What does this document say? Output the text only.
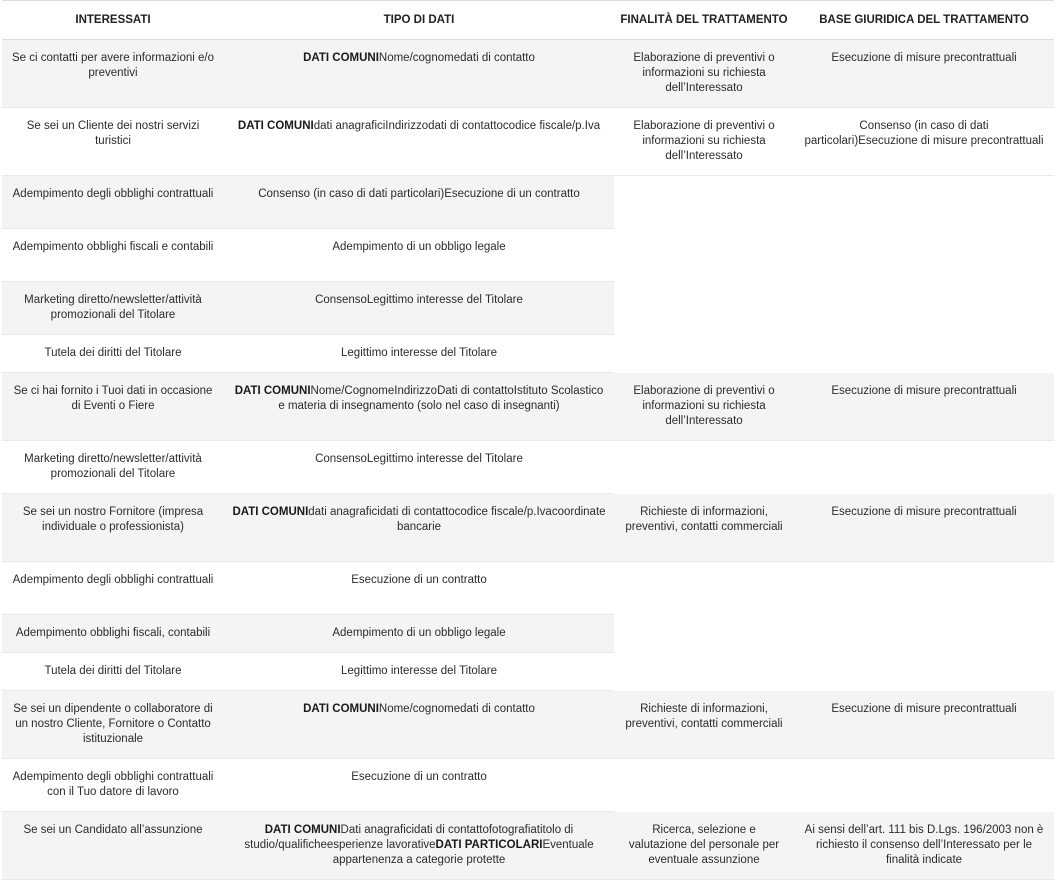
INTERESSATI	TIPO DI DATI	FINALITÀ DEL TRATTAMENTO	BASE GIURIDICA DEL TRATTAMENTO
Se ci contatti per avere informazioni e/o preventivi	DATI COMUNINome/cognomedati di contatto	Elaborazione di preventivi o informazioni su richiesta dell’Interessato	Esecuzione di misure precontrattuali
Se sei un Cliente dei nostri servizi turistici	DATI COMUNIdati anagraficiIndirizzodati di contattocodice fiscale/p.Iva	Elaborazione di preventivi o informazioni su richiesta dell’Interessato	Consenso (in caso di dati particolari)Esecuzione di misure precontrattuali
Adempimento degli obblighi contrattuali	Consenso (in caso di dati particolari)Esecuzione di un contratto		
Adempimento obblighi fiscali e contabili	Adempimento di un obbligo legale		
Marketing diretto/newsletter/attività promozionali del Titolare	ConsensoLegittimo interesse del Titolare		
Tutela dei diritti del Titolare	Legittimo interesse del Titolare		
Se ci hai fornito i Tuoi dati in occasione di Eventi o Fiere	DATI COMUNINome/CognomeIndirizzoDati di contattoIstituto Scolastico e materia di insegnamento (solo nel caso di insegnanti)	Elaborazione di preventivi o informazioni su richiesta dell’Interessato	Esecuzione di misure precontrattuali
Marketing diretto/newsletter/attività promozionali del Titolare	ConsensoLegittimo interesse del Titolare		
Se sei un nostro Fornitore (impresa individuale o professionista)	DATI COMUNIdati anagraficidati di contattocodice fiscale/p.Ivacoordinate bancarie	Richieste di informazioni, preventivi, contatti commerciali	Esecuzione di misure precontrattuali
Adempimento degli obblighi contrattuali	Esecuzione di un contratto		
Adempimento obblighi fiscali, contabili	Adempimento di un obbligo legale		
Tutela dei diritti del Titolare	Legittimo interesse del Titolare		
Se sei un dipendente o collaboratore di un nostro Cliente, Fornitore o Contatto istituzionale	DATI COMUNINome/cognomedati di contatto	Richieste di informazioni, preventivi, contatti commerciali	Esecuzione di misure precontrattuali
Adempimento degli obblighi contrattuali con il Tuo datore di lavoro	Esecuzione di un contratto		
Se sei un Candidato all’assunzione	DATI COMUNIDati anagraficidati di contattofotografiatitolo di studio/qualificheesperienze lavorativeDATI PARTICOLARIEventuale appartenenza a categorie protette	Ricerca, selezione e valutazione del personale per eventuale assunzione	Ai sensi dell’art. 111 bis D.Lgs. 196/2003 non è richiesto il consenso dell’Interessato per le finalità indicate
